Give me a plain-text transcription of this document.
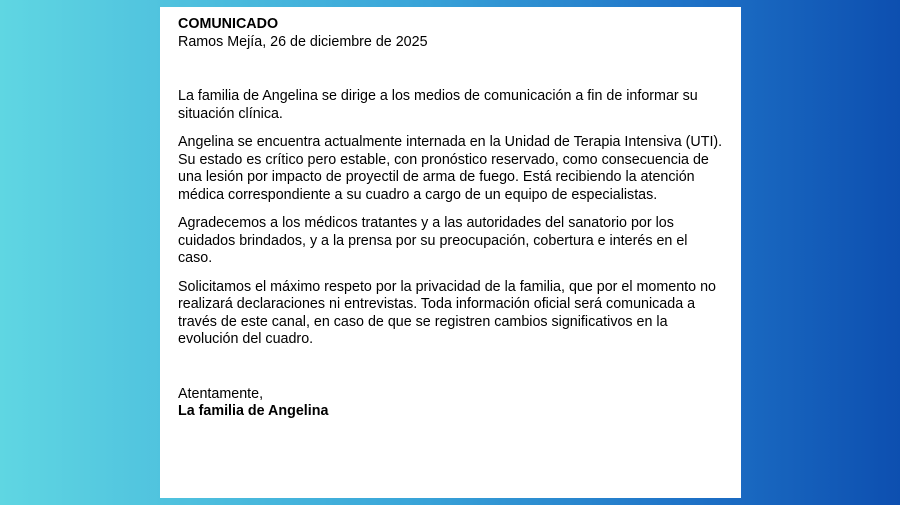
COMUNICADO

Ramos Mejía, 26 de diciembre de 2025

La familia de Angelina se dirige a los medios de comunicación a fin de informar su situación clínica.

Angelina se encuentra actualmente internada en la Unidad de Terapia Intensiva (UTI). Su estado es crítico pero estable, con pronóstico reservado, como consecuencia de una lesión por impacto de proyectil de arma de fuego. Está recibiendo la atención médica correspondiente a su cuadro a cargo de un equipo de especialistas.

Agradecemos a los médicos tratantes y a las autoridades del sanatorio por los cuidados brindados, y a la prensa por su preocupación, cobertura e interés en el caso.

Solicitamos el máximo respeto por la privacidad de la familia, que por el momento no realizará declaraciones ni entrevistas. Toda información oficial será comunicada a través de este canal, en caso de que se registren cambios significativos en la evolución del cuadro.

Atentamente,

La familia de Angelina
